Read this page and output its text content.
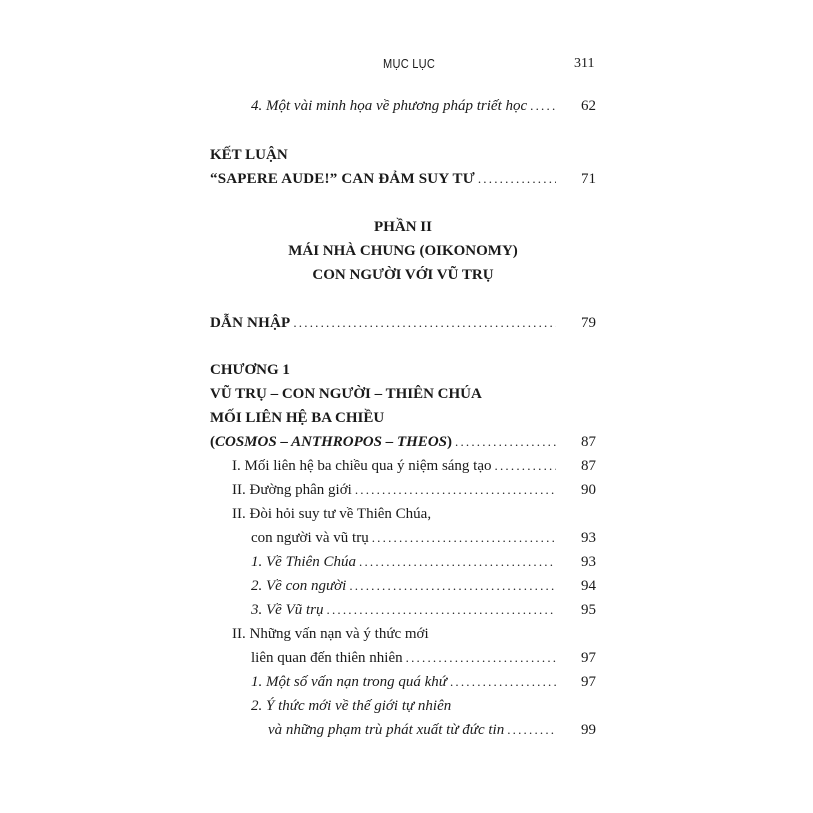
MỤC LỤC	311
4. Một vài minh họa về phương pháp triết học .....	62
KẾT LUẬN
“SAPERE AUDE!” CAN ĐẢM SUY TƯ .....	71
PHẦN II
MÁI NHÀ CHUNG (OIKONOMY)
CON NGƯỜI VỚI VŨ TRỤ
DẪN NHẬP .....	79
CHƯƠNG 1
VŨ TRỤ – CON NGƯỜI – THIÊN CHÚA
MỐI LIÊN HỆ BA CHIỀU
(COSMOS – ANTHROPOS – THEOS) .....	87
I. Mối liên hệ ba chiều qua ý niệm sáng tạo .....	87
II. Đường phân giới .....	90
II. Đòi hỏi suy tư về Thiên Chúa,
con người và vũ trụ .....	93
1. Về Thiên Chúa .....	93
2. Về con người .....	94
3. Về Vũ trụ .....	95
II. Những vấn nạn và ý thức mới
liên quan đến thiên nhiên .....	97
1. Một số vấn nạn trong quá khứ .....	97
2. Ý thức mới về thế giới tự nhiên
và những phạm trù phát xuất từ đức tin .....	99
